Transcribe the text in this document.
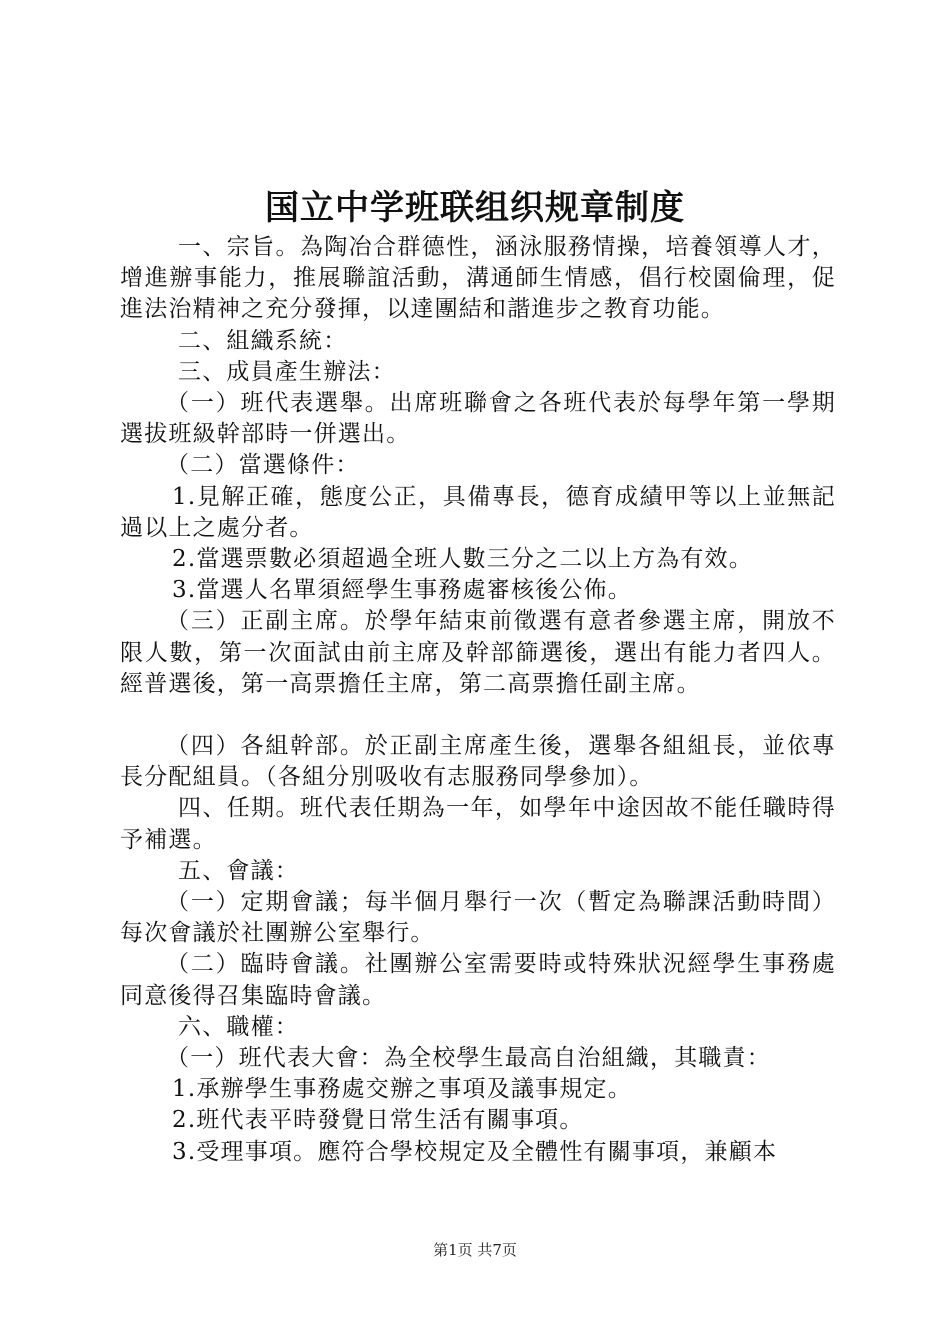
国立中学班联组织规章制度

一、宗旨。為陶冶合群德性，涵泳服務情操，培養領導人才，增進辦事能力，推展聯誼活動，溝通師生情感，倡行校園倫理，促進法治精神之充分發揮，以達團結和諧進步之教育功能。

二、組織系統：

三、成員產生辦法：

（一）班代表選舉。出席班聯會之各班代表於每學年第一學期選拔班級幹部時一併選出。

（二）當選條件：

1.見解正確，態度公正，具備專長，德育成績甲等以上並無記過以上之處分者。

2.當選票數必須超過全班人數三分之二以上方為有效。

3.當選人名單須經學生事務處審核後公佈。

（三）正副主席。於學年結束前徵選有意者參選主席，開放不限人數，第一次面試由前主席及幹部篩選後，選出有能力者四人。經普選後，第一高票擔任主席，第二高票擔任副主席。

（四）各組幹部。於正副主席產生後，選舉各組組長，並依專長分配組員。（各組分別吸收有志服務同學參加）。

四、任期。班代表任期為一年，如學年中途因故不能任職時得予補選。

五、會議：

（一）定期會議；每半個月舉行一次（暫定為聯課活動時間）每次會議於社團辦公室舉行。

（二）臨時會議。社團辦公室需要時或特殊狀況經學生事務處同意後得召集臨時會議。

六、職權：

（一）班代表大會：為全校學生最高自治組織，其職責：

1.承辦學生事務處交辦之事項及議事規定。

2.班代表平時發覺日常生活有關事項。

3.受理事項。應符合學校規定及全體性有關事項，兼顧本

第1页 共7页
